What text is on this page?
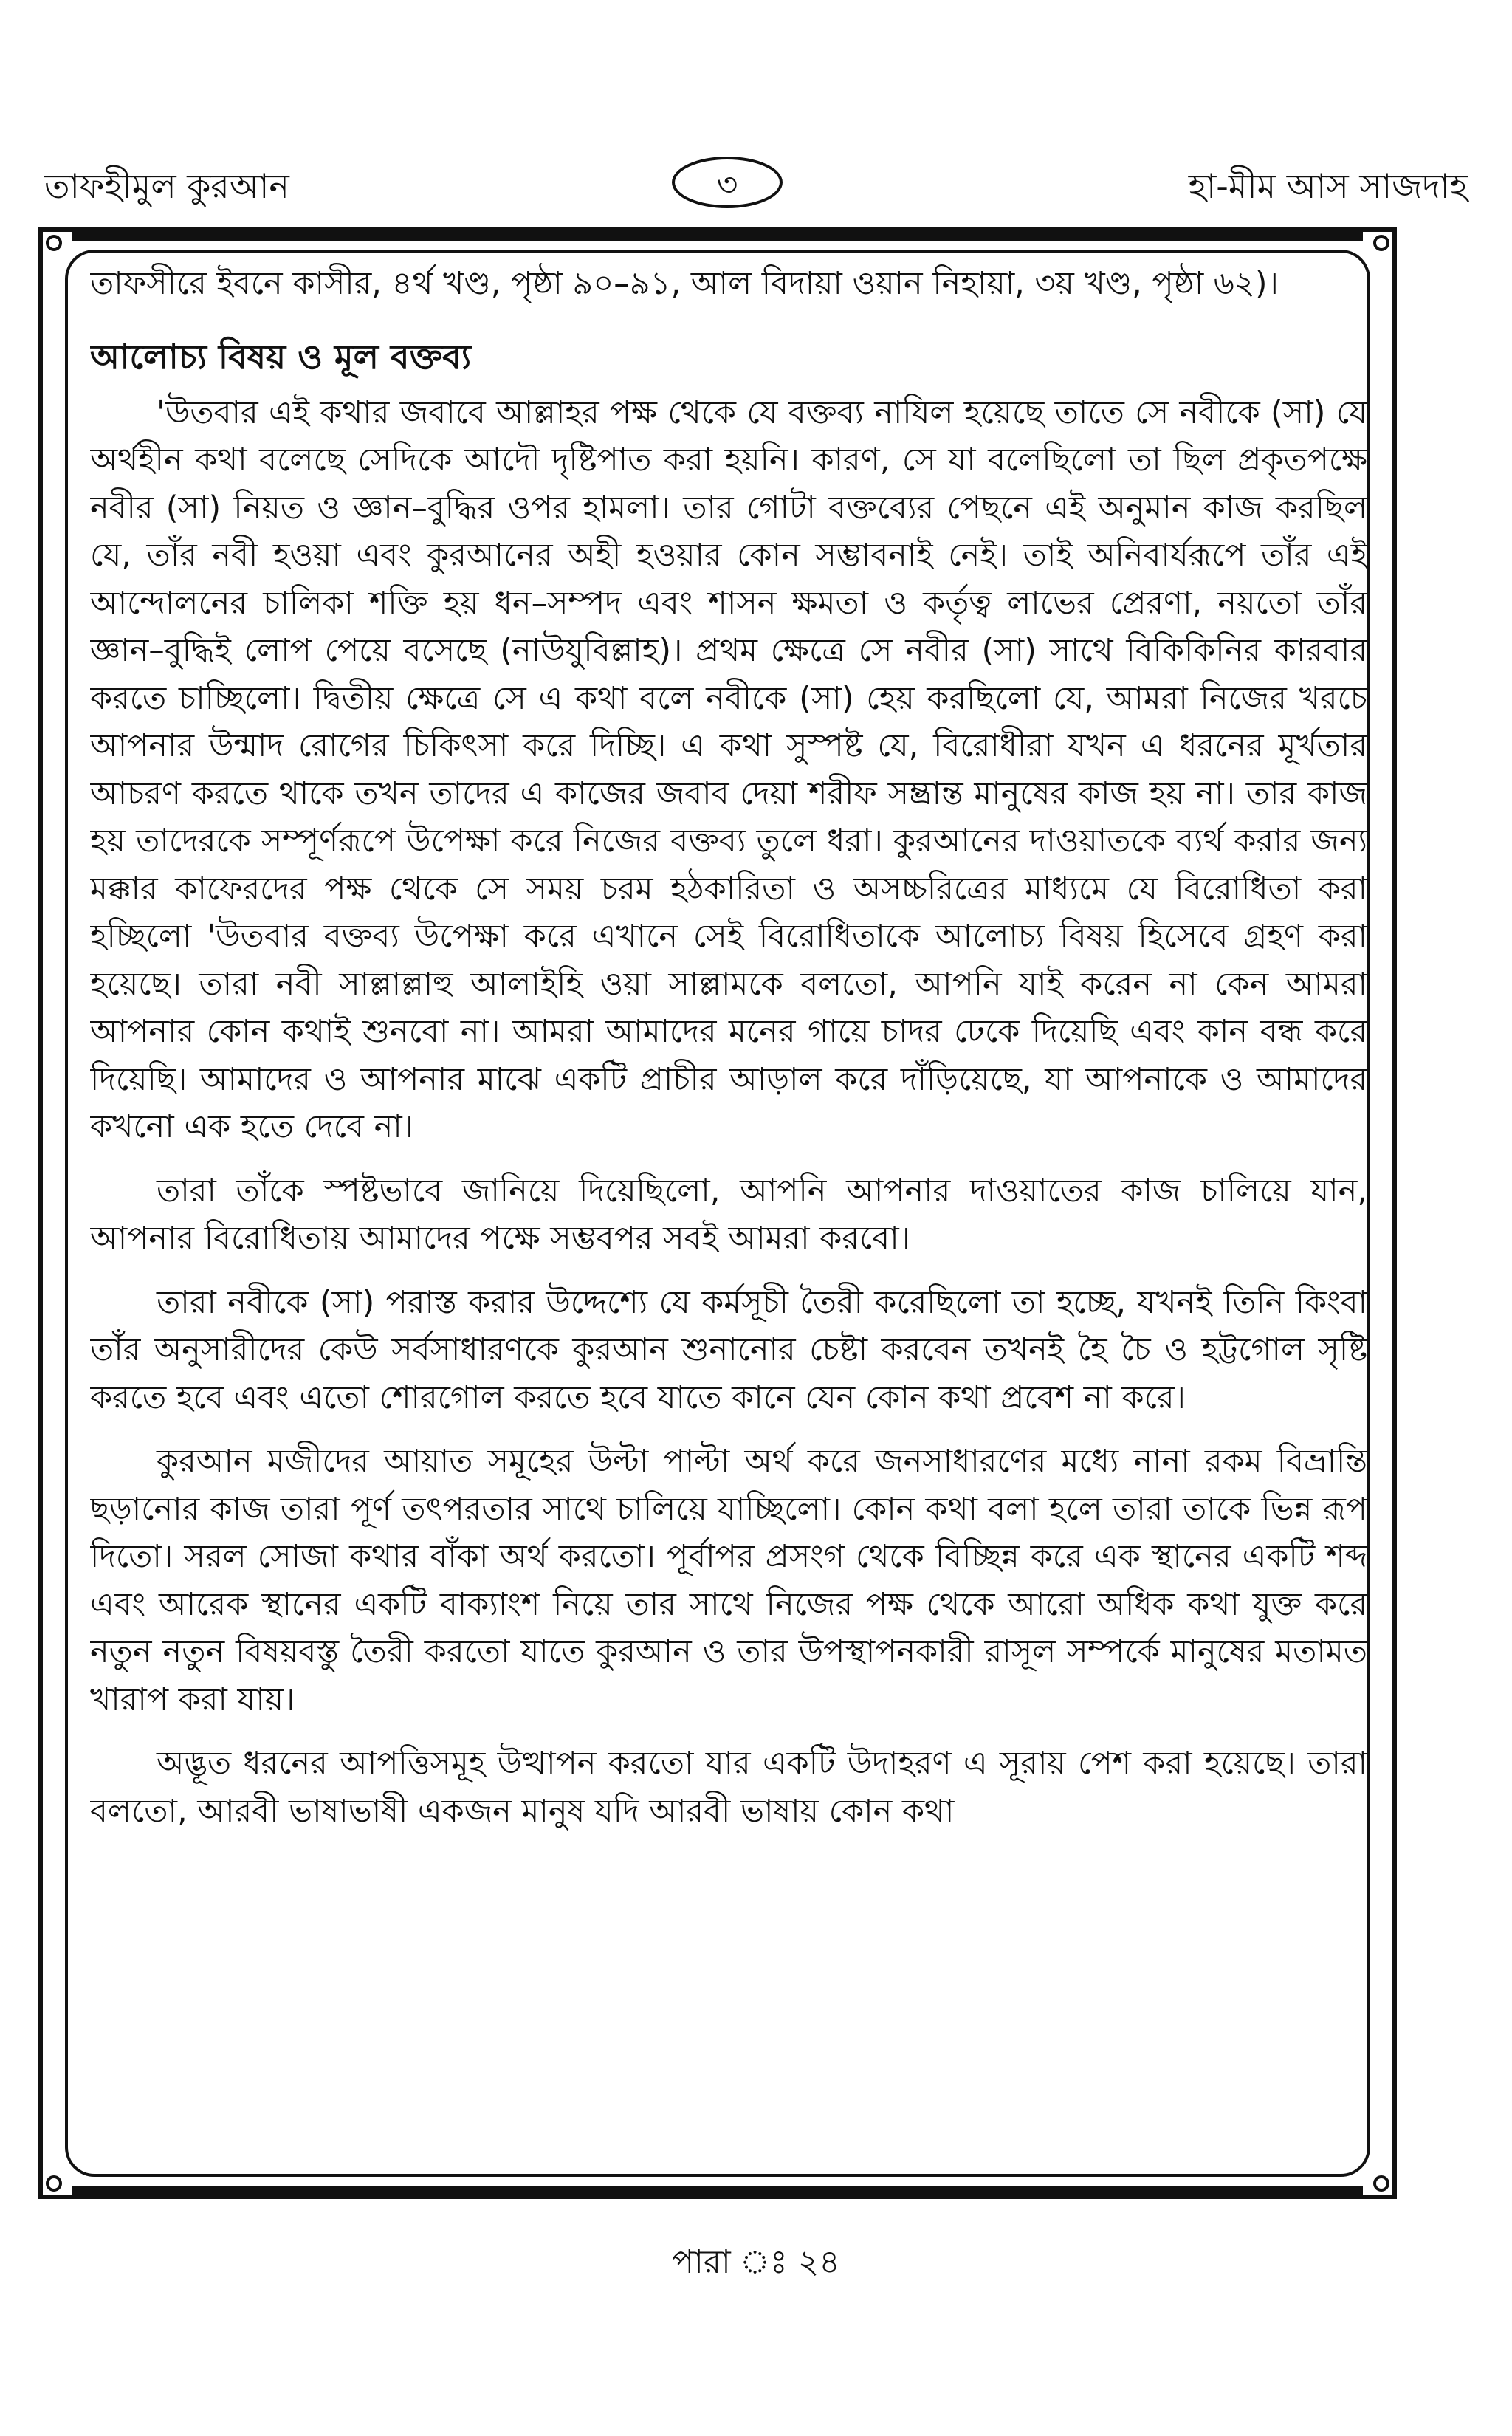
তাফহীমুল কুরআন	৩	হা-মীম আস সাজদাহ

তাফসীরে ইবনে কাসীর, ৪র্থ খণ্ড, পৃষ্ঠা ৯০–৯১, আল বিদায়া ওয়ান নিহায়া, ৩য় খণ্ড, পৃষ্ঠা ৬২)।

আলোচ্য বিষয় ও মূল বক্তব্য

'উতবার এই কথার জবাবে আল্লাহর পক্ষ থেকে যে বক্তব্য নাযিল হয়েছে তাতে সে নবীকে (সা) যে অর্থহীন কথা বলেছে সেদিকে আদৌ দৃষ্টিপাত করা হয়নি। কারণ, সে যা বলেছিলো তা ছিল প্রকৃতপক্ষে নবীর (সা) নিয়ত ও জ্ঞান–বুদ্ধির ওপর হামলা। তার গোটা বক্তব্যের পেছনে এই অনুমান কাজ করছিল যে, তাঁর নবী হওয়া এবং কুরআনের অহী হওয়ার কোন সম্ভাবনাই নেই। তাই অনিবার্যরূপে তাঁর এই আন্দোলনের চালিকা শক্তি হয় ধন–সম্পদ এবং শাসন ক্ষমতা ও কর্তৃত্ব লাভের প্রেরণা, নয়তো তাঁর জ্ঞান–বুদ্ধিই লোপ পেয়ে বসেছে (নাউযুবিল্লাহ)। প্রথম ক্ষেত্রে সে নবীর (সা) সাথে বিকিকিনির কারবার করতে চাচ্ছিলো। দ্বিতীয় ক্ষেত্রে সে এ কথা বলে নবীকে (সা) হেয় করছিলো যে, আমরা নিজের খরচে আপনার উন্মাদ রোগের চিকিৎসা করে দিচ্ছি। এ কথা সুস্পষ্ট যে, বিরোধীরা যখন এ ধরনের মূর্খতার আচরণ করতে থাকে তখন তাদের এ কাজের জবাব দেয়া শরীফ সম্ভ্রান্ত মানুষের কাজ হয় না। তার কাজ হয় তাদেরকে সম্পূর্ণরূপে উপেক্ষা করে নিজের বক্তব্য তুলে ধরা। কুরআনের দাওয়াতকে ব্যর্থ করার জন্য মক্কার কাফেরদের পক্ষ থেকে সে সময় চরম হঠকারিতা ও অসচ্চরিত্রের মাধ্যমে যে বিরোধিতা করা হচ্ছিলো 'উতবার বক্তব্য উপেক্ষা করে এখানে সেই বিরোধিতাকে আলোচ্য বিষয় হিসেবে গ্রহণ করা হয়েছে। তারা নবী সাল্লাল্লাহু আলাইহি ওয়া সাল্লামকে বলতো, আপনি যাই করেন না কেন আমরা আপনার কোন কথাই শুনবো না। আমরা আমাদের মনের গায়ে চাদর ঢেকে দিয়েছি এবং কান বন্ধ করে দিয়েছি। আমাদের ও আপনার মাঝে একটি প্রাচীর আড়াল করে দাঁড়িয়েছে, যা আপনাকে ও আমাদের কখনো এক হতে দেবে না।

তারা তাঁকে স্পষ্টভাবে জানিয়ে দিয়েছিলো, আপনি আপনার দাওয়াতের কাজ চালিয়ে যান, আপনার বিরোধিতায় আমাদের পক্ষে সম্ভবপর সবই আমরা করবো।

তারা নবীকে (সা) পরাস্ত করার উদ্দেশ্যে যে কর্মসূচী তৈরী করেছিলো তা হচ্ছে, যখনই তিনি কিংবা তাঁর অনুসারীদের কেউ সর্বসাধারণকে কুরআন শুনানোর চেষ্টা করবেন তখনই হৈ চৈ ও হট্টগোল সৃষ্টি করতে হবে এবং এতো শোরগোল করতে হবে যাতে কানে যেন কোন কথা প্রবেশ না করে।

কুরআন মজীদের আয়াত সমূহের উল্টা পাল্টা অর্থ করে জনসাধারণের মধ্যে নানা রকম বিভ্রান্তি ছড়ানোর কাজ তারা পূর্ণ তৎপরতার সাথে চালিয়ে যাচ্ছিলো। কোন কথা বলা হলে তারা তাকে ভিন্ন রূপ দিতো। সরল সোজা কথার বাঁকা অর্থ করতো। পূর্বাপর প্রসংগ থেকে বিচ্ছিন্ন করে এক স্থানের একটি শব্দ এবং আরেক স্থানের একটি বাক্যাংশ নিয়ে তার সাথে নিজের পক্ষ থেকে আরো অধিক কথা যুক্ত করে নতুন নতুন বিষয়বস্তু তৈরী করতো যাতে কুরআন ও তার উপস্থাপনকারী রাসূল সম্পর্কে মানুষের মতামত খারাপ করা যায়।

অদ্ভূত ধরনের আপত্তিসমূহ উত্থাপন করতো যার একটি উদাহরণ এ সূরায় পেশ করা হয়েছে। তারা বলতো, আরবী ভাষাভাষী একজন মানুষ যদি আরবী ভাষায় কোন কথা

পারা ঃ ২৪
